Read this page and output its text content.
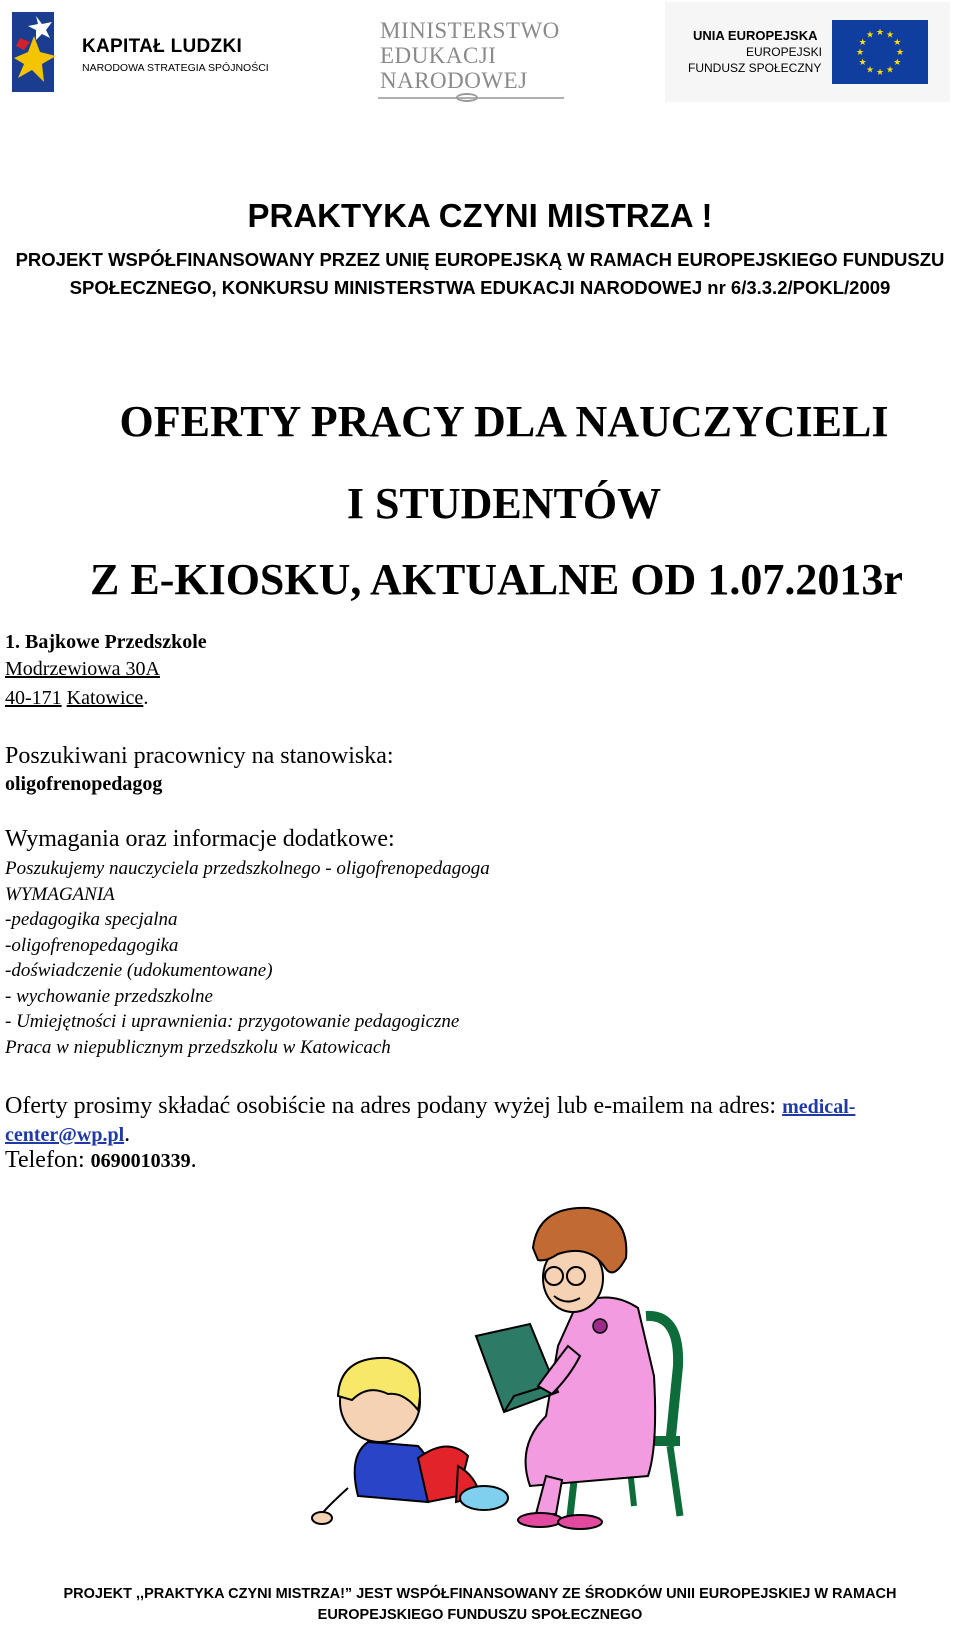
KAPITAŁ LUDZKI
NARODOWA STRATEGIA SPÓJNOŚCI
MINISTERSTWO
EDUKACJI
NARODOWEJ
UNIA EUROPEJSKA
EUROPEJSKI
FUNDUSZ SPOŁECZNY
★
★
★
★
★
★
★
★
★ ★ ★
★
PRAKTYKA CZYNI MISTRZA !
PROJEKT WSPÓŁFINANSOWANY PRZEZ UNIĘ EUROPEJSKĄ W RAMACH EUROPEJSKIEGO FUNDUSZU
SPOŁECZNEGO, KONKURSU MINISTERSTWA EDUKACJI NARODOWEJ nr 6/3.3.2/POKL/2009
OFERTY PRACY DLA NAUCZYCIELI
I STUDENTÓW
Z E-KIOSKU, AKTUALNE OD 1.07.2013r
1. Bajkowe Przedszkole
Modrzewiowa 30A
40-171 Katowice.
Poszukiwani pracownicy na stanowiska:
oligofrenopedagog
Wymagania oraz informacje dodatkowe:
Poszukujemy nauczyciela przedszkolnego - oligofrenopedagoga
WYMAGANIA
-pedagogika specjalna
-oligofrenopedagogika
-doświadczenie (udokumentowane)
- wychowanie przedszkolne
- Umiejętności i uprawnienia: przygotowanie pedagogiczne
Praca w niepublicznym przedszkolu w Katowicach
Oferty prosimy składać osobiście na adres podany wyżej lub e-mailem na adres: medical-center@wp.pl.
Telefon: 0690010339.
PROJEKT ,,PRAKTYKA CZYNI MISTRZA!” JEST WSPÓŁFINANSOWANY ZE ŚRODKÓW UNII EUROPEJSKIEJ W RAMACH
EUROPEJSKIEGO FUNDUSZU SPOŁECZNEGO
